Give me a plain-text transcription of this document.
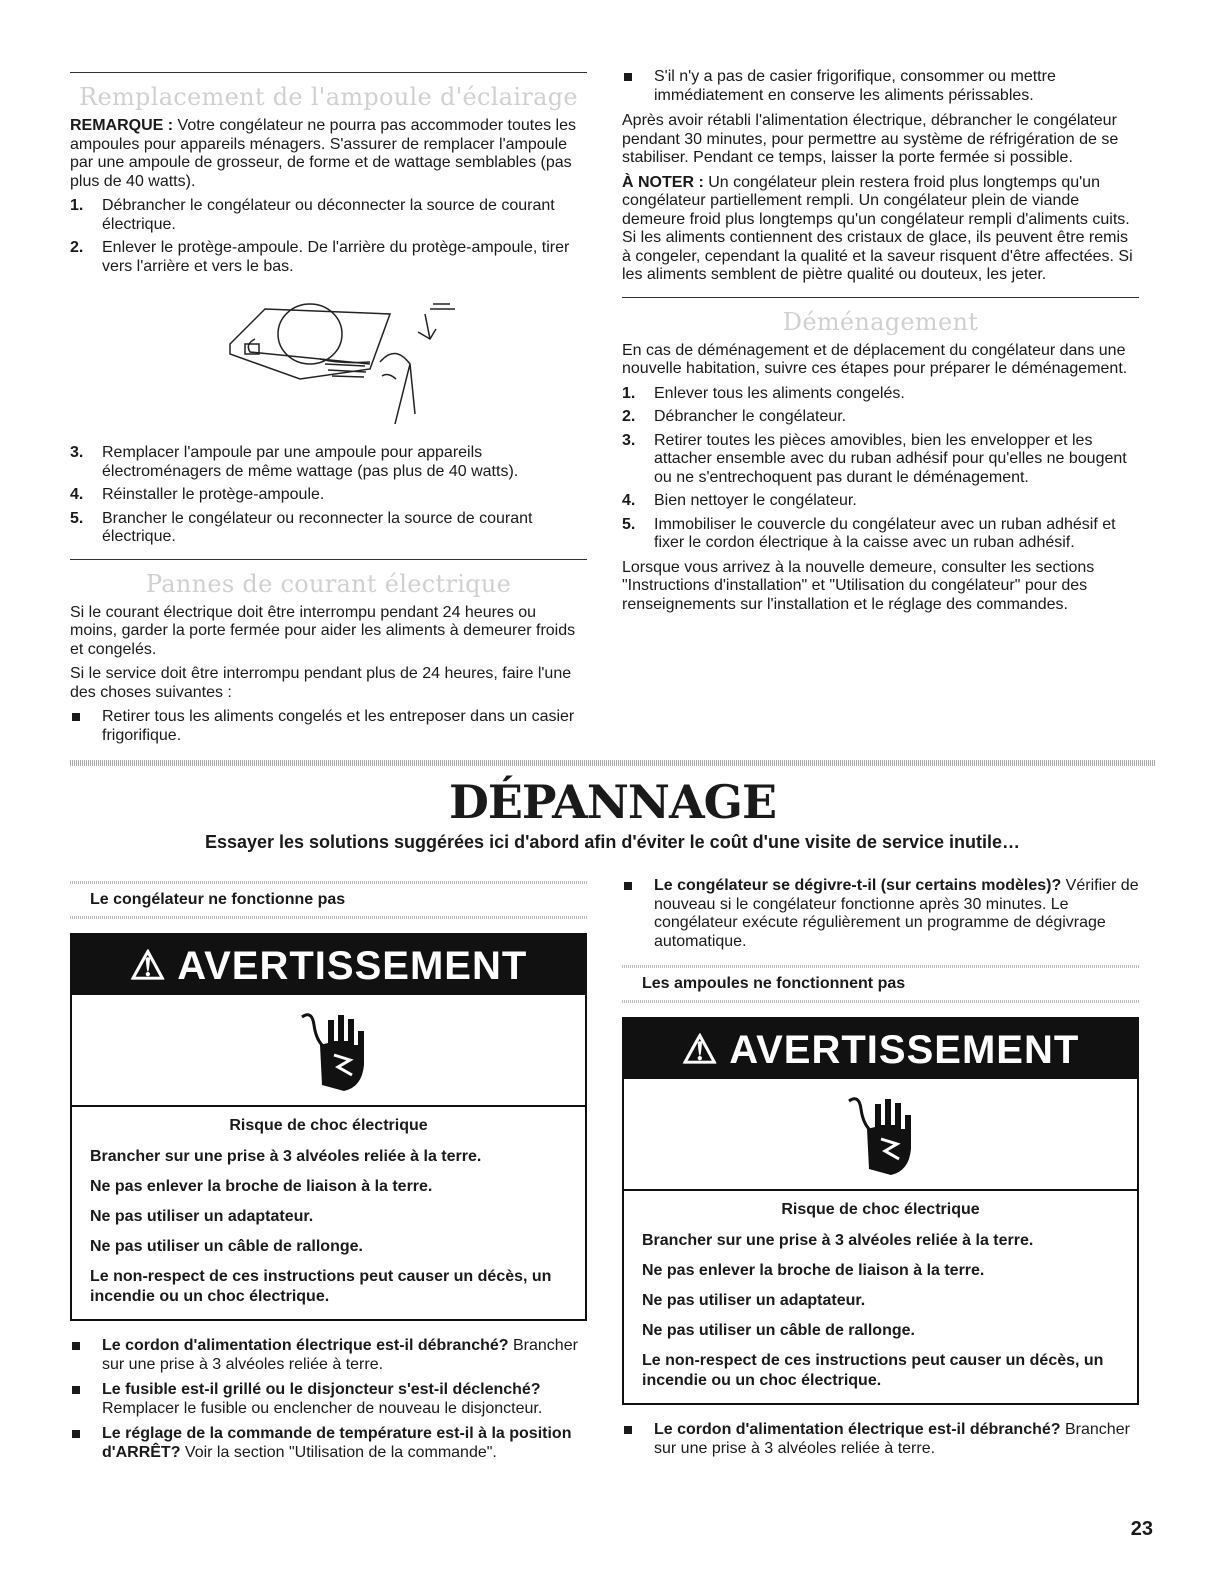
Remplacement de l'ampoule d'éclairage

REMARQUE : Votre congélateur ne pourra pas accommoder toutes les ampoules pour appareils ménagers. S'assurer de remplacer l'ampoule par une ampoule de grosseur, de forme et de wattage semblables (pas plus de 40 watts).

1. Débrancher le congélateur ou déconnecter la source de courant électrique.
2. Enlever le protège-ampoule. De l'arrière du protège-ampoule, tirer vers l'arrière et vers le bas.
3. Remplacer l'ampoule par une ampoule pour appareils électroménagers de même wattage (pas plus de 40 watts).
4. Réinstaller le protège-ampoule.
5. Brancher le congélateur ou reconnecter la source de courant électrique.
Pannes de courant électrique

Si le courant électrique doit être interrompu pendant 24 heures ou moins, garder la porte fermée pour aider les aliments à demeurer froids et congelés.

Si le service doit être interrompu pendant plus de 24 heures, faire l'une des choses suivantes :

Retirer tous les aliments congelés et les entreposer dans un casier frigorifique.
S'il n'y a pas de casier frigorifique, consommer ou mettre immédiatement en conserve les aliments périssables.

Après avoir rétabli l'alimentation électrique, débrancher le congélateur pendant 30 minutes, pour permettre au système de réfrigération de se stabiliser. Pendant ce temps, laisser la porte fermée si possible.

À NOTER : Un congélateur plein restera froid plus longtemps qu'un congélateur partiellement rempli. Un congélateur plein de viande demeure froid plus longtemps qu'un congélateur rempli d'aliments cuits. Si les aliments contiennent des cristaux de glace, ils peuvent être remis à congeler, cependant la qualité et la saveur risquent d'être affectées. Si les aliments semblent de piètre qualité ou douteux, les jeter.

Déménagement

En cas de déménagement et de déplacement du congélateur dans une nouvelle habitation, suivre ces étapes pour préparer le déménagement.

1. Enlever tous les aliments congelés.
2. Débrancher le congélateur.
3. Retirer toutes les pièces amovibles, bien les envelopper et les attacher ensemble avec du ruban adhésif pour qu'elles ne bougent ou ne s'entrechoquent pas durant le déménagement.
4. Bien nettoyer le congélateur.
5. Immobiliser le couvercle du congélateur avec un ruban adhésif et fixer le cordon électrique à la caisse avec un ruban adhésif.

Lorsque vous arrivez à la nouvelle demeure, consulter les sections "Instructions d'installation" et "Utilisation du congélateur" pour des renseignements sur l'installation et le réglage des commandes.

DÉPANNAGE
Essayer les solutions suggérées ici d'abord afin d'éviter le coût d'une visite de service inutile…
Le congélateur ne fonctionne pas
⚠ AVERTISSEMENT
Risque de choc électrique
Brancher sur une prise à 3 alvéoles reliée à la terre.
Ne pas enlever la broche de liaison à la terre.
Ne pas utiliser un adaptateur.
Ne pas utiliser un câble de rallonge.
Le non-respect de ces instructions peut causer un décès, un incendie ou un choc électrique.
Le cordon d'alimentation électrique est-il débranché? Brancher sur une prise à 3 alvéoles reliée à terre.
Le fusible est-il grillé ou le disjoncteur s'est-il déclenché? Remplacer le fusible ou enclencher de nouveau le disjoncteur.
Le réglage de la commande de température est-il à la position d'ARRÊT? Voir la section "Utilisation de la commande".
Le congélateur se dégivre-t-il (sur certains modèles)? Vérifier de nouveau si le congélateur fonctionne après 30 minutes. Le congélateur exécute régulièrement un programme de dégivrage automatique.
Les ampoules ne fonctionnent pas
⚠ AVERTISSEMENT
Risque de choc électrique
Brancher sur une prise à 3 alvéoles reliée à la terre.
Ne pas enlever la broche de liaison à la terre.
Ne pas utiliser un adaptateur.
Ne pas utiliser un câble de rallonge.
Le non-respect de ces instructions peut causer un décès, un incendie ou un choc électrique.
Le cordon d'alimentation électrique est-il débranché? Brancher sur une prise à 3 alvéoles reliée à terre.
23
